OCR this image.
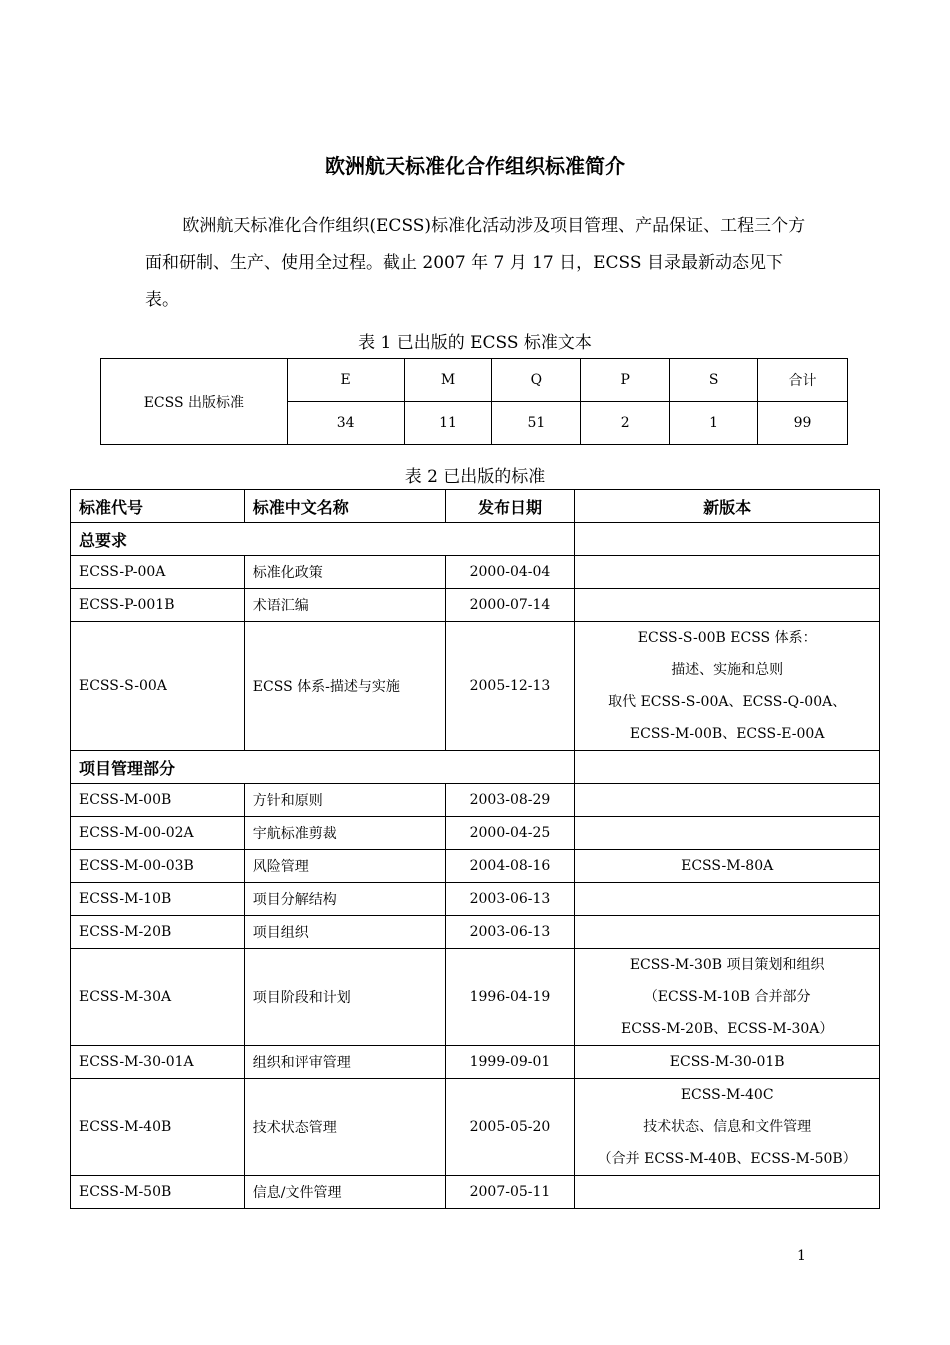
欧洲航天标准化合作组织标准简介

欧洲航天标准化合作组织(ECSS)标准化活动涉及项目管理、产品保证、工程三个方面和研制、生产、使用全过程。截止 2007 年 7 月 17 日，ECSS 目录最新动态见下表。

表 1 已出版的 ECSS 标准文本
ECSS 出版标准	E	M	Q	P	S	合计
	34	11	51	2	1	99
表 2 已出版的标准
标准代号	标准中文名称	发布日期	新版本
总要求			
ECSS-P-00A	标准化政策	2000-04-04	
ECSS-P-001B	术语汇编	2000-07-14	
ECSS-S-00A	ECSS 体系-描述与实施	2005-12-13	ECSS-S-00B ECSS 体系：
描述、实施和总则
取代 ECSS-S-00A、ECSS-Q-00A、
ECSS-M-00B、ECSS-E-00A

项目管理部分			
ECSS-M-00B	方针和原则	2003-08-29	
ECSS-M-00-02A	宇航标准剪裁	2000-04-25	
ECSS-M-00-03B	风险管理	2004-08-16	ECSS-M-80A

ECSS-M-10B	项目分解结构	2003-06-13	
ECSS-M-20B	项目组织	2003-06-13	
ECSS-M-30A	项目阶段和计划	1996-04-19	ECSS-M-30B 项目策划和组织
（ECSS-M-10B 合并部分
ECSS-M-20B、ECSS-M-30A）

ECSS-M-30-01A	组织和评审管理	1999-09-01	ECSS-M-30-01B

ECSS-M-40B	技术状态管理	2005-05-20	ECSS-M-40C
技术状态、信息和文件管理
（合并 ECSS-M-40B、ECSS-M-50B）

ECSS-M-50B	信息/文件管理	2007-05-11	
1
